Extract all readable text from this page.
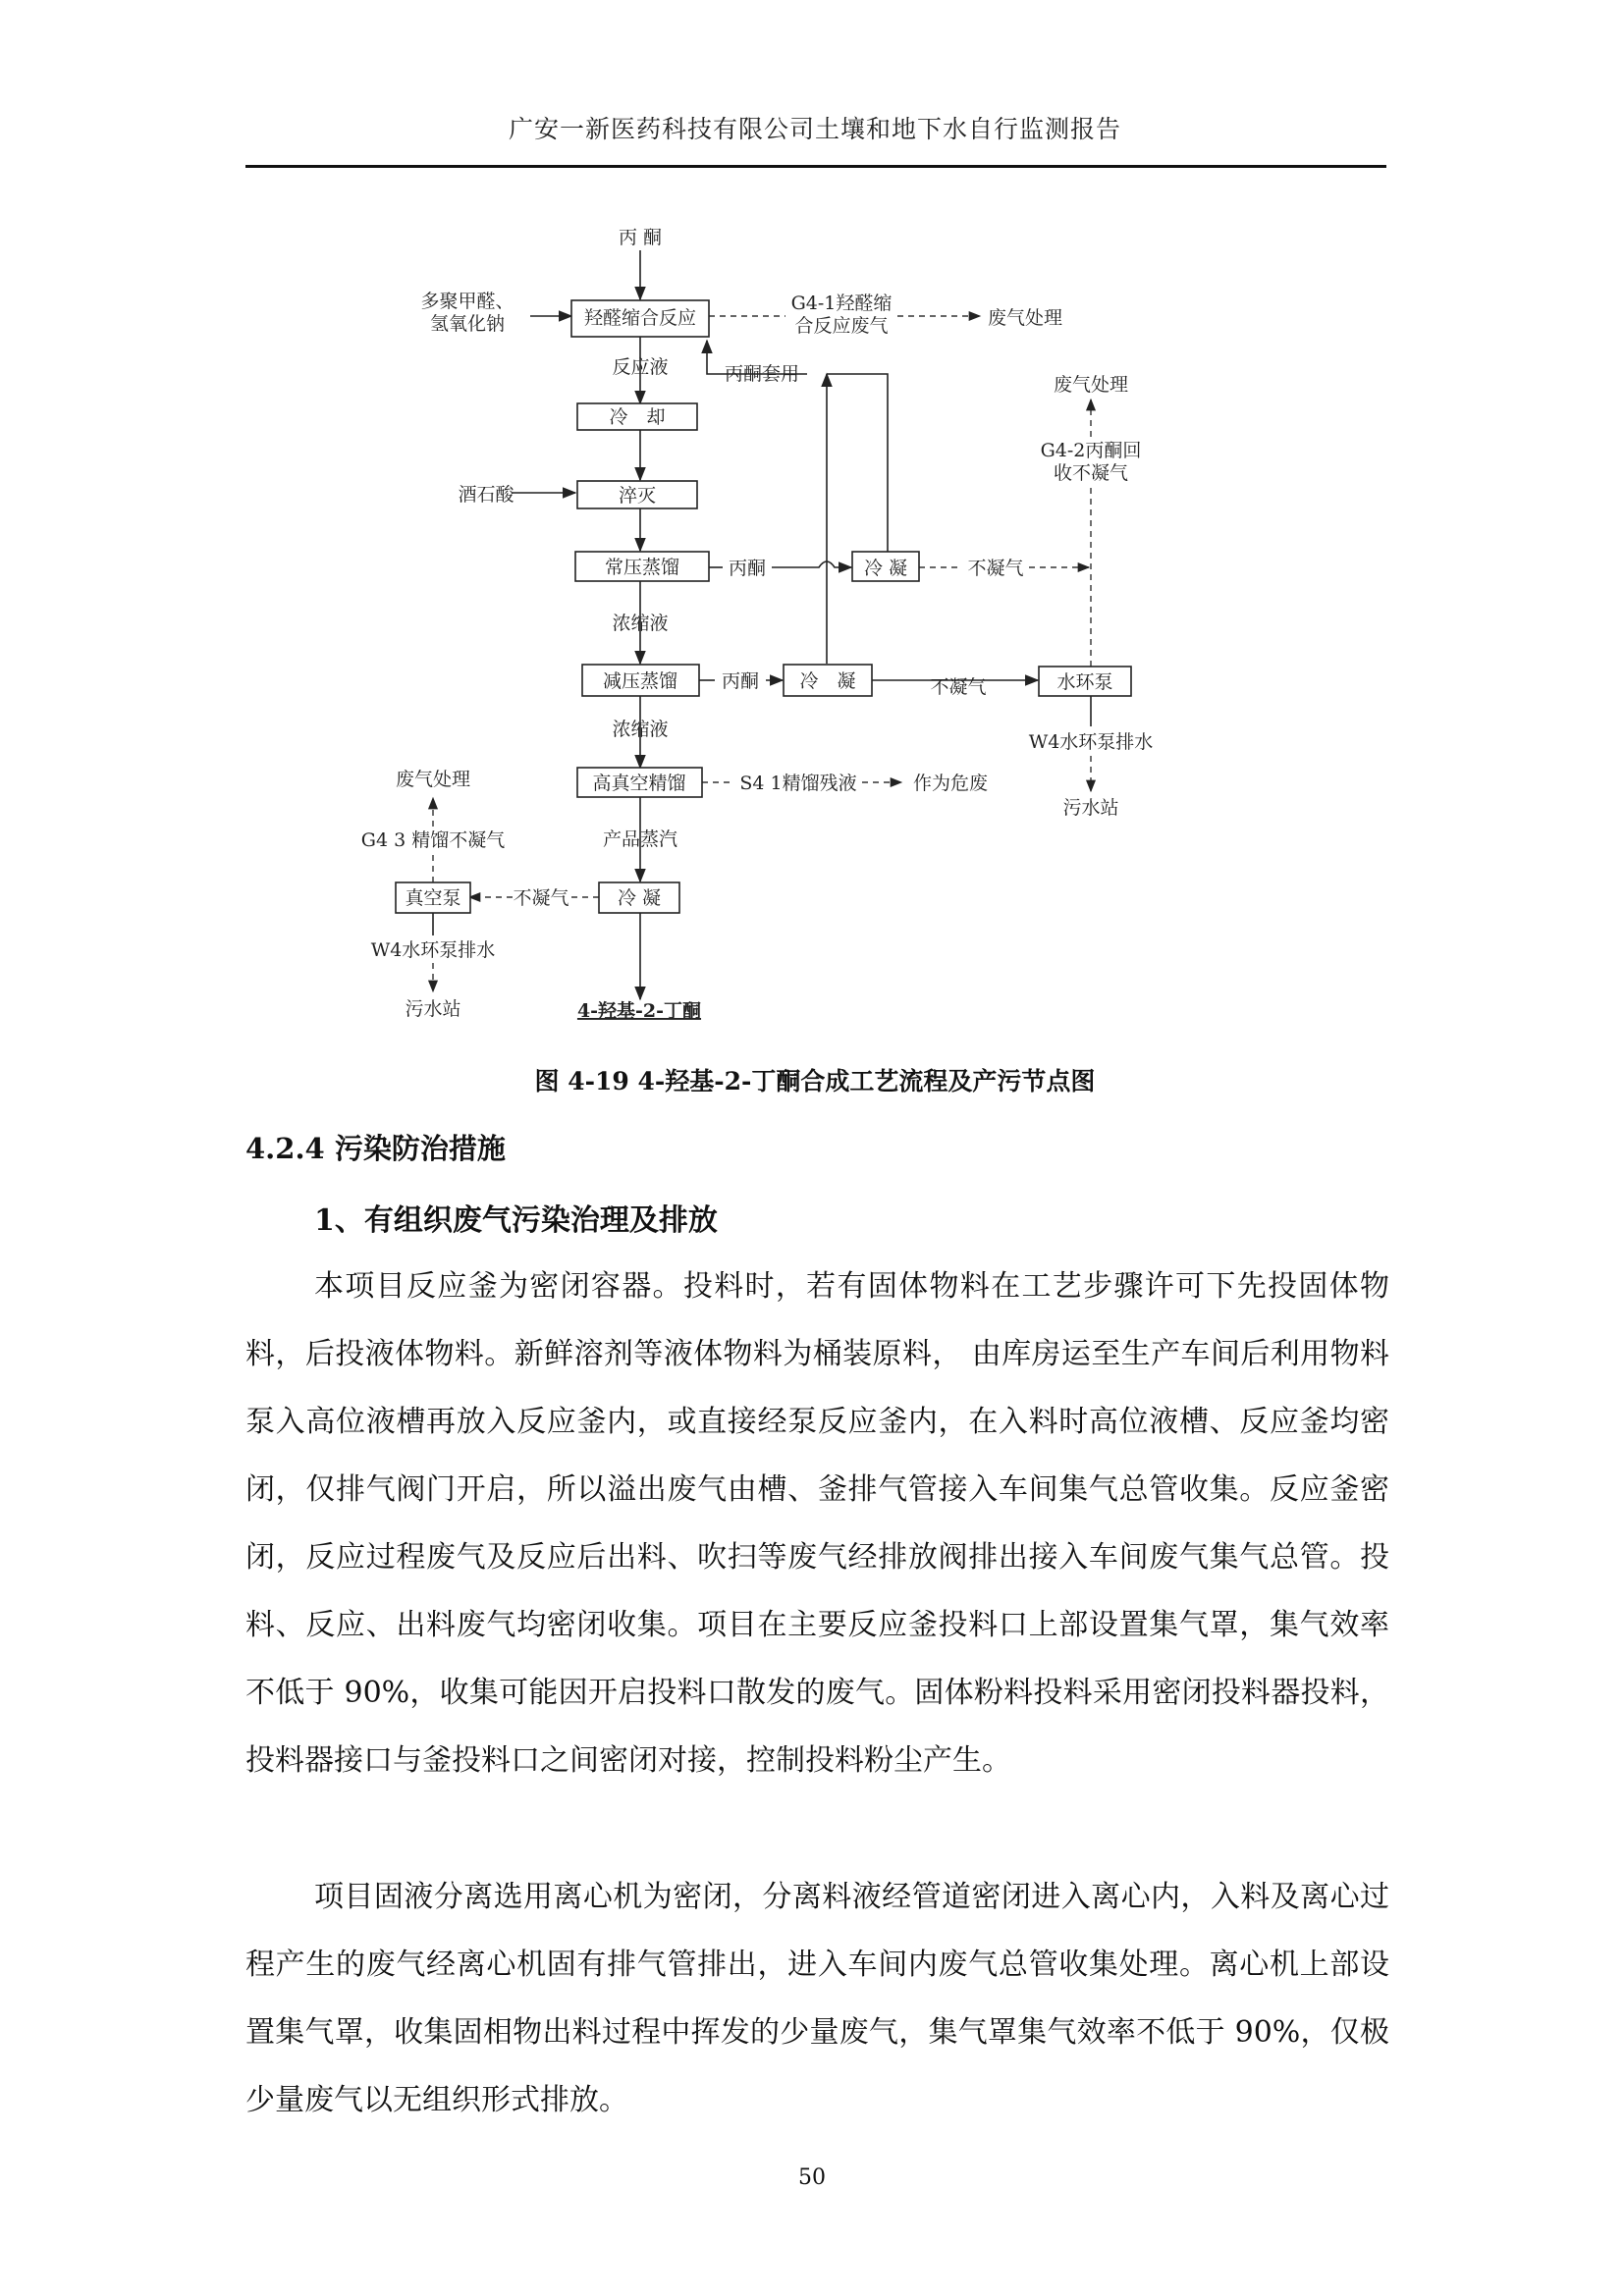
广安一新医药科技有限公司土壤和地下水自行监测报告
丙 酮
多聚甲醛、
氢氧化钠	羟醛缩合反应
G4-1羟醛缩
合反应废气	废气处理
反应液	丙酮套用
冷　却
酒石酸	淬灭
常压蒸馏	丙酮	冷 凝	不凝气
废气处理
G4-2丙酮回
收不凝气
浓缩液
减压蒸馏 丙酮 冷　凝	不凝气	水环泵
W4水环泵排水
污水站
浓缩液
高真空精馏	S4 1精馏残液	作为危废
废气处理
G4 3 精馏不凝气	产品蒸汽
真空泵	不凝气	冷 凝
W4水环泵排水
污水站	4-羟基-2-丁酮
图 4-19 4-羟基-2-丁酮合成工艺流程及产污节点图
4.2.4 污染防治措施
1、有组织废气污染治理及排放

本项目反应釜为密闭容器。投料时，若有固体物料在工艺步骤许可下先投固体物料，后投液体物料。新鲜溶剂等液体物料为桶装原料， 由库房运至生产车间后利用物料泵入高位液槽再放入反应釜内，或直接经泵反应釜内，在入料时高位液槽、反应釜均密闭，仅排气阀门开启，所以溢出废气由槽、釜排气管接入车间集气总管收集。反应釜密闭，反应过程废气及反应后出料、吹扫等废气经排放阀排出接入车间废气集气总管。投料、反应、出料废气均密闭收集。项目在主要反应釜投料口上部设置集气罩，集气效率不低于 90%，收集可能因开启投料口散发的废气。固体粉料投料采用密闭投料器投料，投料器接口与釜投料口之间密闭对接，控制投料粉尘产生。

项目固液分离选用离心机为密闭，分离料液经管道密闭进入离心内，入料及离心过程产生的废气经离心机固有排气管排出，进入车间内废气总管收集处理。离心机上部设置集气罩，收集固相物出料过程中挥发的少量废气，集气罩集气效率不低于 90%，仅极少量废气以无组织形式排放。

50
